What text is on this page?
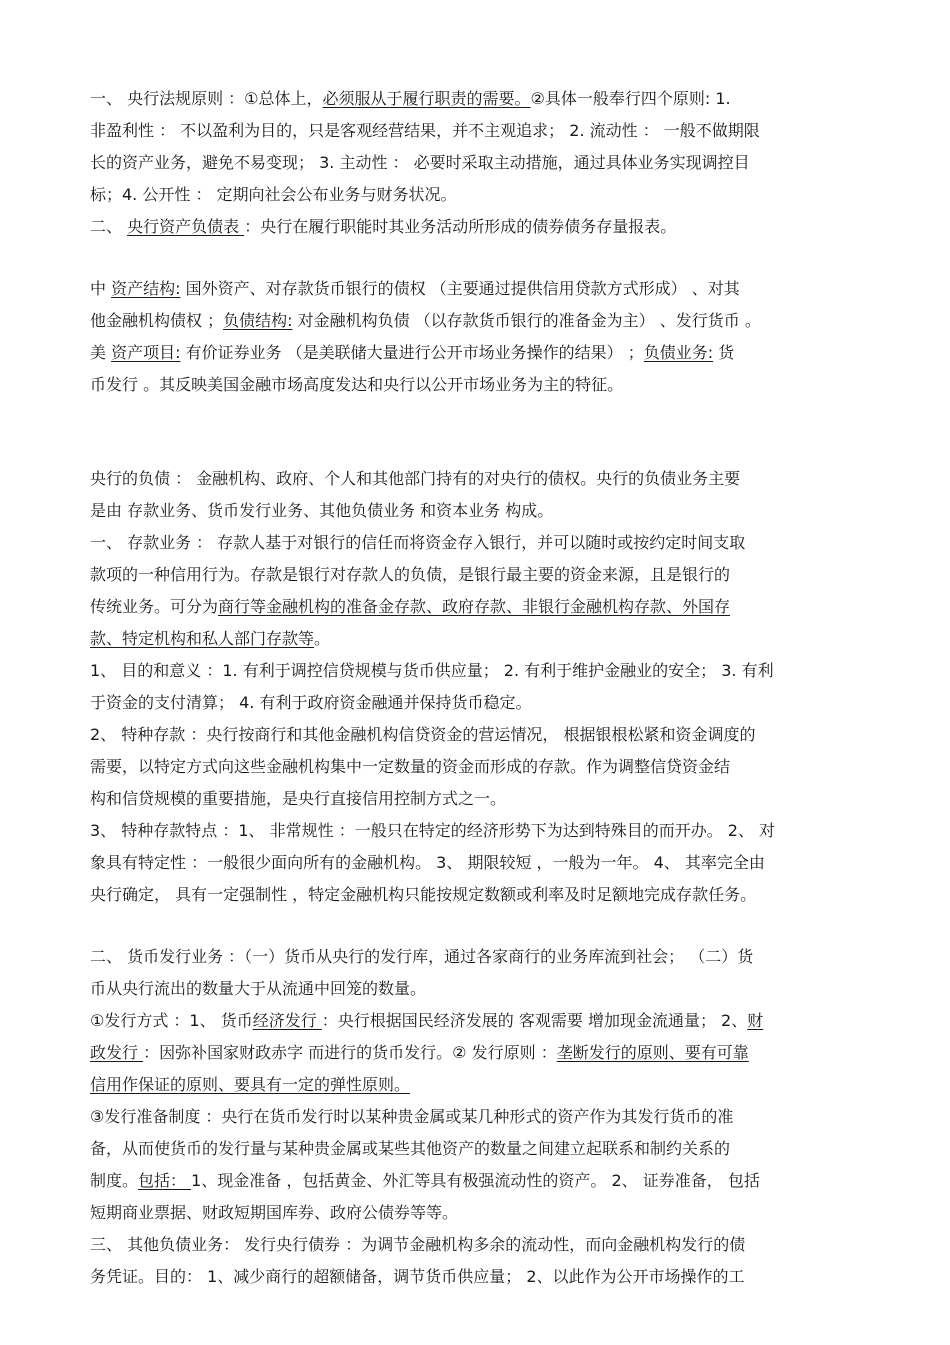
一、 央行法规原则 ：①总体上，必须服从于履行职责的需要。②具体一般奉行四个原则: 1.
非盈利性 ： 不以盈利为目的，只是客观经营结果，并不主观追求； 2. 流动性 ： 一般不做期限
长的资产业务，避免不易变现； 3. 主动性 ： 必要时采取主动措施，通过具体业务实现调控目
标；4. 公开性 ： 定期向社会公布业务与财务状况。
二、 央行资产负债表 ：央行在履行职能时其业务活动所形成的债券债务存量报表。
中 资产结构: 国外资产、对存款货币银行的债权 （主要通过提供信用贷款方式形成） 、对其
他金融机构债权 ；负债结构: 对金融机构负债 （以存款货币银行的准备金为主） 、发行货币 。
美 资产项目: 有价证券业务 （是美联储大量进行公开市场业务操作的结果） ；负债业务: 货
币发行 。其反映美国金融市场高度发达和央行以公开市场业务为主的特征。
央行的负债 ： 金融机构、政府、个人和其他部门持有的对央行的债权。央行的负债业务主要
是由 存款业务、货币发行业务、其他负债业务 和资本业务 构成。
一、 存款业务 ： 存款人基于对银行的信任而将资金存入银行，并可以随时或按约定时间支取
款项的一种信用行为。存款是银行对存款人的负债，是银行最主要的资金来源，且是银行的
传统业务。可分为商行等金融机构的准备金存款、政府存款、非银行金融机构存款、外国存
款、特定机构和私人部门存款等。
1、 目的和意义 ：1. 有利于调控信贷规模与货币供应量； 2. 有利于维护金融业的安全； 3. 有利
于资金的支付清算； 4. 有利于政府资金融通并保持货币稳定。
2、 特种存款 ：央行按商行和其他金融机构信贷资金的营运情况， 根据银根松紧和资金调度的
需要，以特定方式向这些金融机构集中一定数量的资金而形成的存款。作为调整信贷资金结
构和信贷规模的重要措施，是央行直接信用控制方式之一。
3、 特种存款特点 ：1、 非常规性 ：一般只在特定的经济形势下为达到特殊目的而开办。 2、 对
象具有特定性 ：一般很少面向所有的金融机构。 3、 期限较短 ，一般为一年。 4、 其率完全由
央行确定， 具有一定强制性 ，特定金融机构只能按规定数额或利率及时足额地完成存款任务。
二、 货币发行业务 ：（一）货币从央行的发行库，通过各家商行的业务库流到社会； （二）货
币从央行流出的数量大于从流通中回笼的数量。
①发行方式 ：1、 货币经济发行 ：央行根据国民经济发展的 客观需要 增加现金流通量； 2、财
政发行 ：因弥补国家财政赤字 而进行的货币发行。② 发行原则 ：垄断发行的原则、要有可靠
信用作保证的原则、要具有一定的弹性原则。
③发行准备制度 ：央行在货币发行时以某种贵金属或某几种形式的资产作为其发行货币的准
备，从而使货币的发行量与某种贵金属或某些其他资产的数量之间建立起联系和制约关系的
制度。包括： 1、现金准备 ，包括黄金、外汇等具有极强流动性的资产。 2、 证券准备， 包括
短期商业票据、财政短期国库券、政府公债券等等。
三、 其他负债业务： 发行央行债券 ：为调节金融机构多余的流动性，而向金融机构发行的债
务凭证。目的： 1、减少商行的超额储备，调节货币供应量； 2、以此作为公开市场操作的工
